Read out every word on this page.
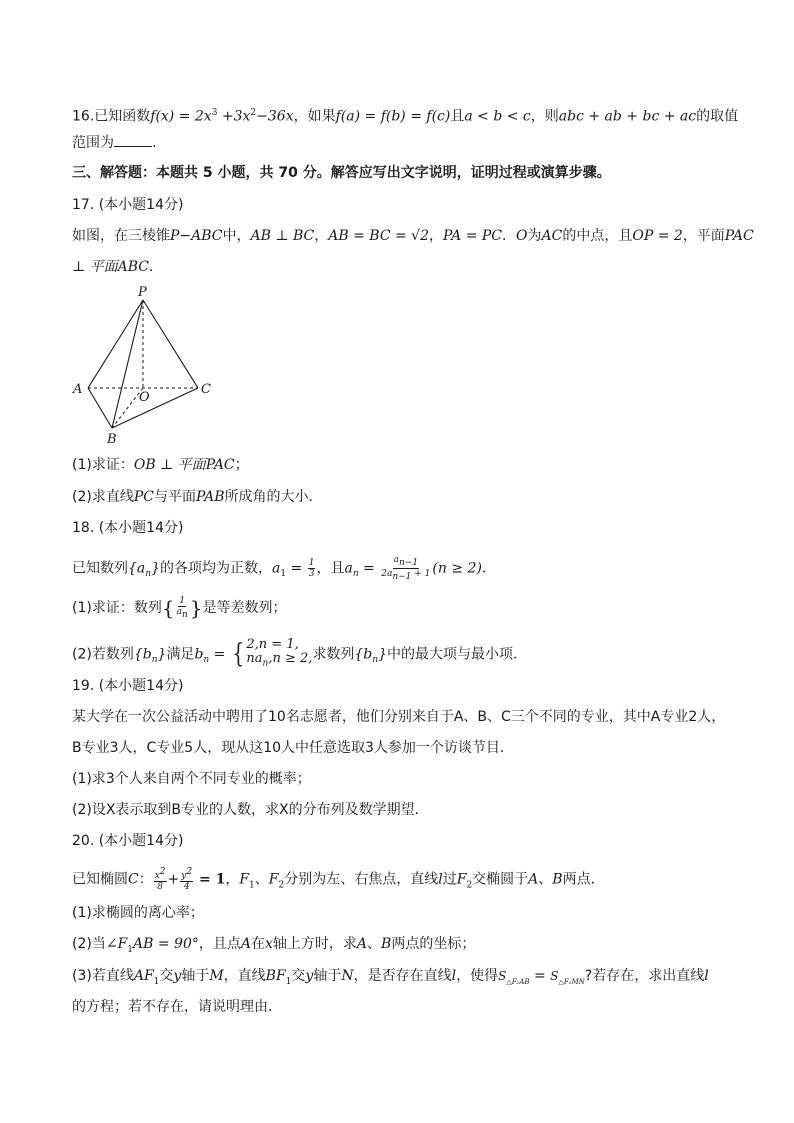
16.已知函数$f(x) = 2x^3 +3x^2-36x$，如果f(a) = f(b) = f(c)且a < b < c，则abc + ab + bc + ac的取值
范围为	.
三、解答题：本题共 5 小题，共 70 分。解答应写出文字说明，证明过程或演算步骤。
17. (本小题14分)
如图，在三棱锥P−ABC中，AB ⊥ BC，AB = BC = √2，PA = PC．O为AC的中点，且OP = 2，平面PAC
⊥ 平面ABC．
P
A
O
C
B
(1)求证：OB ⊥ 平面PAC；
(2)求直线PC与平面PAB所成角的大小．
18. (本小题14分)
已知数列$\{a_n\}$的各项均为正数，$a_1 = \frac{1}{3}$ ，且$a_n = \frac{a_{n-1}}{2a_{n-1} + 1} (n \ge 2)$．
(1)求证：数列 { $\frac{1}{a_n}$ } 是等差数列；
(2)若数列$\{b_n\}$满足$b_n$ = { 2,n = 1,
$na_n,n \ge 2$, 求数列$\{b_n\}$中的最大项与最小项．
19. (本小题14分)
某大学在一次公益活动中聘用了10名志愿者，他们分别来自于A、B、C三个不同的专业，其中A专业2人，
B专业3人，C专业5人，现从这10人中任意选取3人参加一个访谈节目．
(1)求3个人来自两个不同专业的概率；
(2)设X表示取到B专业的人数，求X的分布列及数学期望．
20. (本小题14分)
已知椭圆C： $\frac{x^2}{8} + \frac{y^2}{4} = 1$，$F_1$、$F_2$分别为左、右焦点，直线l过$F_2$交椭圆于A、B两点．
(1)求椭圆的离心率；
(2)当$\angle F_1AB = 90^\circ$，且点A在x轴上方时，求A、B两点的坐标；
(3)若直线$AF_1$交y轴于M，直线$BF_1$交y轴于N，是否存在直线l，使得$S_{\triangle F_1AB} = S_{\triangle F_1MN}$?若存在，求出直线l
的方程；若不存在，请说明理由．
